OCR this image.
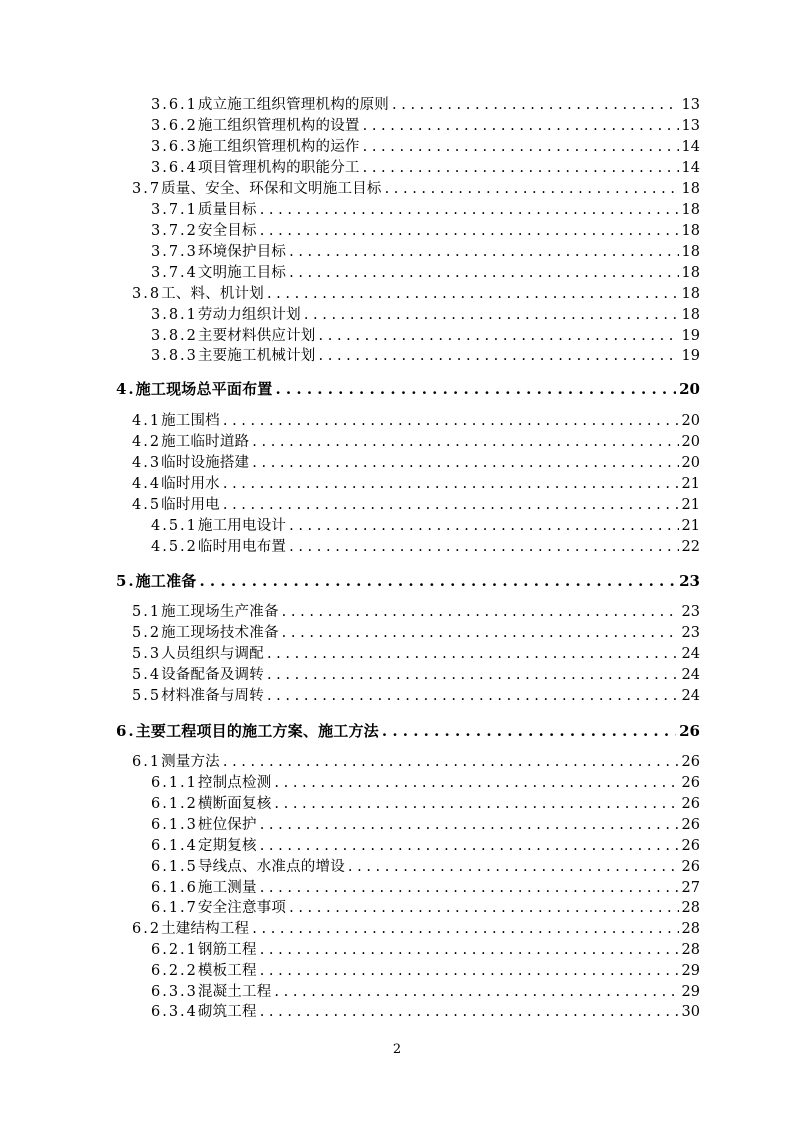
3.6.1 成立施工组织管理机构的原则 . . .	13
3.6.2 施工组织管理机构的设置 . . .	13
3.6.3 施工组织管理机构的运作 . . .	14
3.6.4 项目管理机构的职能分工 . . .	14
3.7 质量、安全、环保和文明施工目标 . . .	18
3.7.1 质量目标 . . .	18
3.7.2 安全目标 . . .	18
3.7.3 环境保护目标 . . .	18
3.7.4 文明施工目标 . . .	18
3.8 工、料、机计划 . . .	18
3.8.1 劳动力组织计划 . . .	18
3.8.2 主要材料供应计划 . . .	19
3.8.3 主要施工机械计划 . . .	19
4. 施工现场总平面布置 . . .	20
4.1 施工围档 . . .	20
4.2 施工临时道路 . . .	20
4.3 临时设施搭建 . . .	20
4.4 临时用水 . . .	21
4.5 临时用电 . . .	21
4.5.1 施工用电设计 . . .	21
4.5.2 临时用电布置 . . .	22
5. 施工准备 . . .	23
5.1 施工现场生产准备 . . .	23
5.2 施工现场技术准备 . . .	23
5.3 人员组织与调配 . . .	24
5.4 设备配备及调转 . . .	24
5.5 材料准备与周转 . . .	24
6. 主要工程项目的施工方案、施工方法 . . .	26
6.1 测量方法 . . .	26
6.1.1 控制点检测 . . .	26
6.1.2 横断面复核 . . .	26
6.1.3 桩位保护 . . .	26
6.1.4 定期复核 . . .	26
6.1.5 导线点、水准点的增设 . . .	26
6.1.6 施工测量 . . .	27
6.1.7 安全注意事项 . . .	28
6.2 土建结构工程 . . .	28
6.2.1 钢筋工程 . . .	28
6.2.2 模板工程 . . .	29
6.3.3 混凝土工程 . . .	29
6.3.4 砌筑工程 . . .	30
2
